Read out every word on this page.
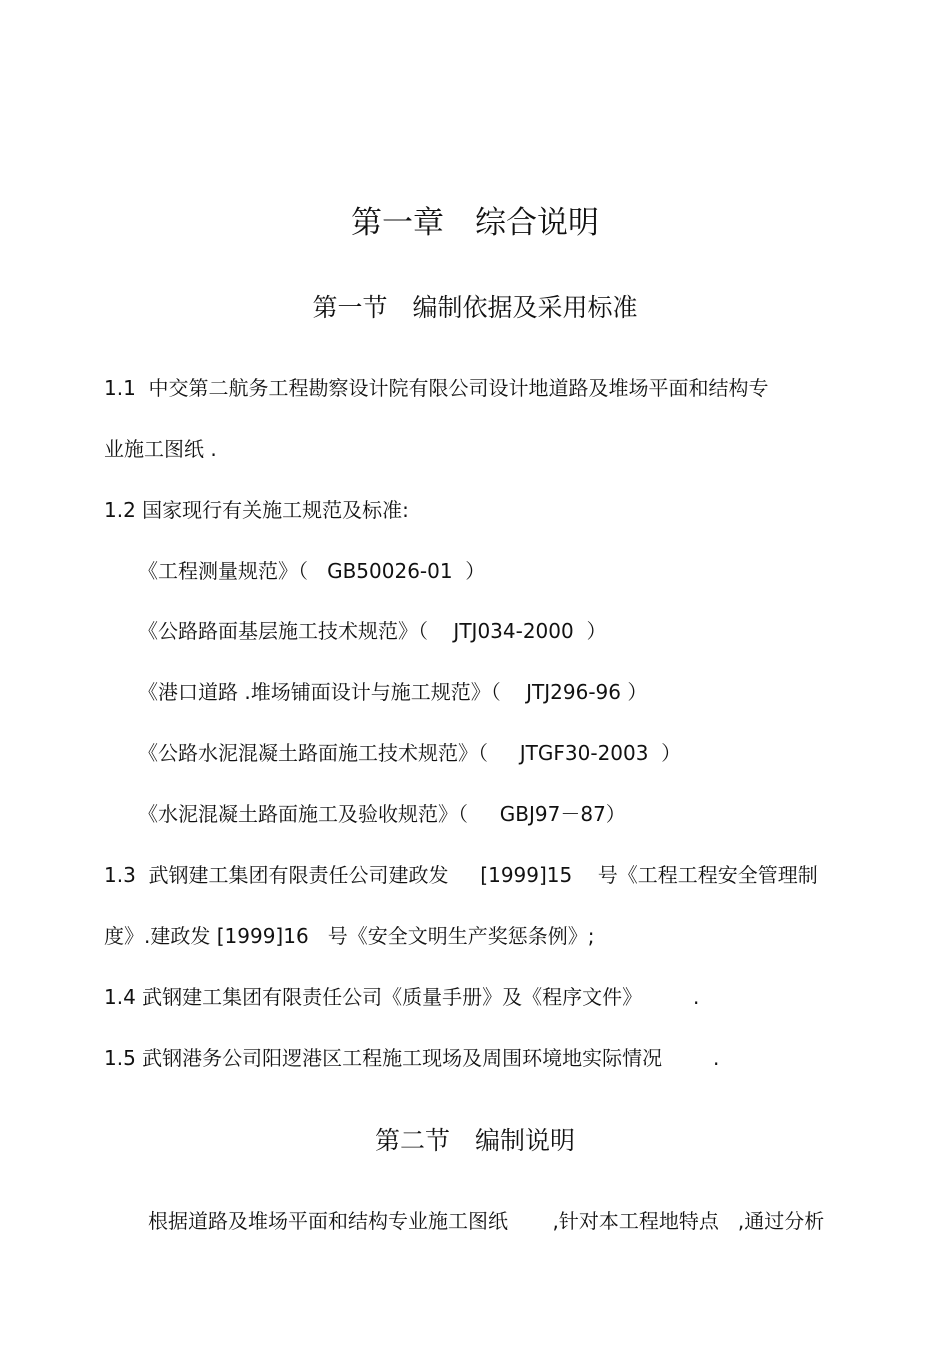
第一章　综合说明
第一节　编制依据及采用标准
1.1  中交第二航务工程勘察设计院有限公司设计地道路及堆场平面和结构专
业施工图纸 .
1.2 国家现行有关施工规范及标准:
《工程测量规范》（   GB50026-01  ）
《公路路面基层施工技术规范》（    JTJ034-2000  ）
《港口道路 .堆场铺面设计与施工规范》（    JTJ296-96 ）
《公路水泥混凝土路面施工技术规范》（     JTGF30-2003  ）
《水泥混凝土路面施工及验收规范》（     GBJ97－87）
1.3  武钢建工集团有限责任公司建政发     [1999]15    号《工程工程安全管理制
度》.建政发 [1999]16   号《安全文明生产奖惩条例》;
1.4 武钢建工集团有限责任公司《质量手册》及《程序文件》        .
1.5 武钢港务公司阳逻港区工程施工现场及周围环境地实际情况        .
第二节　编制说明
根据道路及堆场平面和结构专业施工图纸       ,针对本工程地特点   ,通过分析
